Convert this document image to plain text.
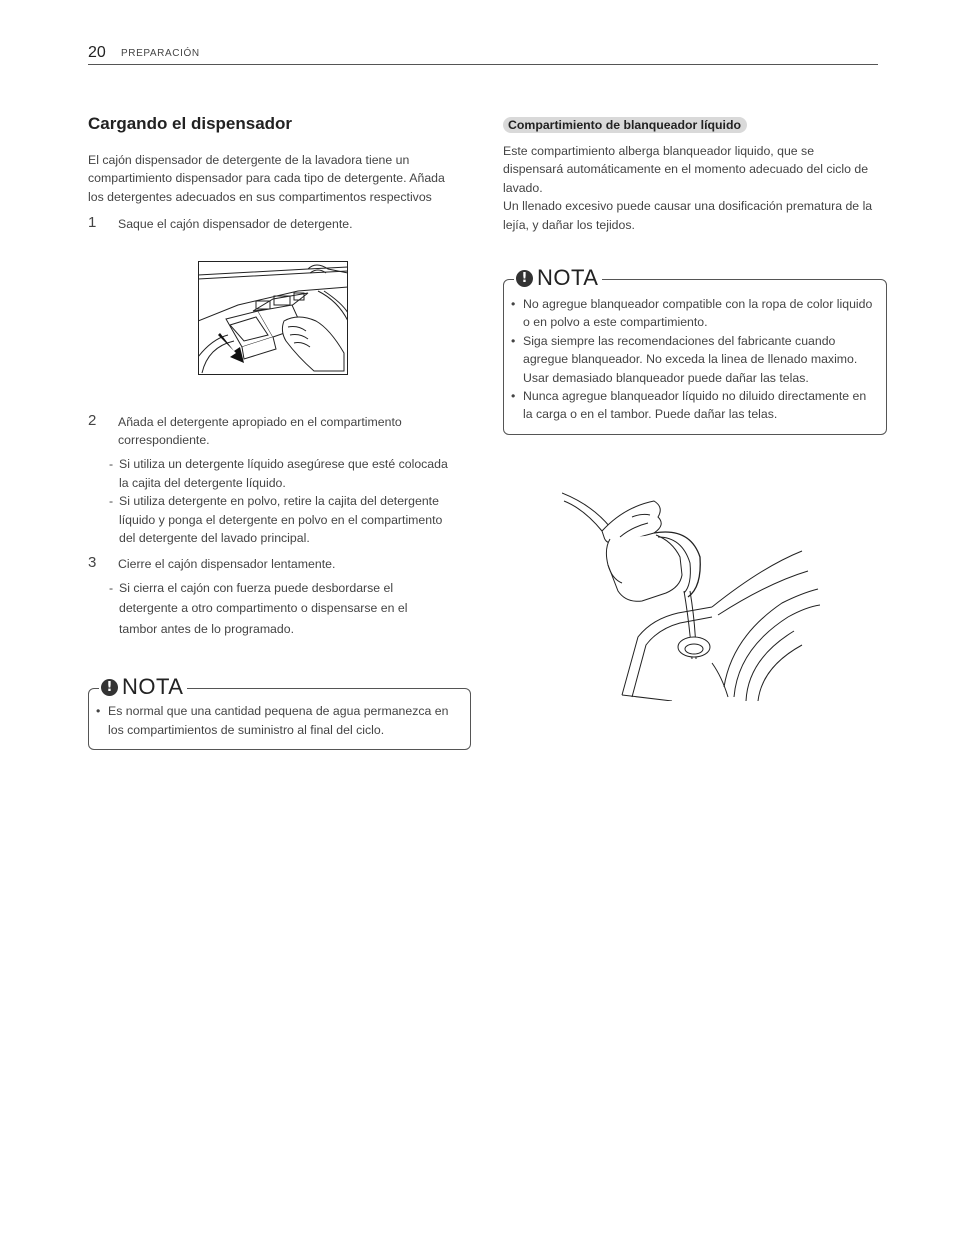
20 PREPARACIÓN
Cargando el dispensador

El cajón dispensador de detergente de la lavadora tiene un compartimiento dispensador para cada tipo de detergente. Añada los detergentes adecuados en sus compartimentos respectivos

1 Saque el cajón dispensador de detergente.
2 Añada el detergente apropiado en el compartimento correspondiente.
- Si utiliza un detergente líquido asegúrese que esté colocada la cajita del detergente líquido.
- Si utiliza detergente en polvo, retire la cajita del detergente líquido y ponga el detergente en polvo en el compartimento del detergente del lavado principal.
3 Cierre el cajón dispensador lentamente.
- Si cierra el cajón con fuerza puede desbordarse el detergente a otro compartimento o dispensarse en el tambor antes de lo programado.
! NOTA
• Es normal que una cantidad pequena de agua permanezca en los compartimientos de suministro al final del ciclo.
Compartimiento de blanqueador líquido

Este compartimiento alberga blanqueador liquido, que se dispensará automáticamente en el momento adecuado del ciclo de lavado.

Un llenado excesivo puede causar una dosificación prematura de la lejía, y dañar los tejidos.

! NOTA
• No agregue blanqueador compatible con la ropa de color liquido o en polvo a este compartimiento.
• Siga siempre las recomendaciones del fabricante cuando agregue blanqueador. No exceda la linea de llenado maximo. Usar demasiado blanqueador puede dañar las telas.
• Nunca agregue blanqueador líquido no diluido directamente en la carga o en el tambor. Puede dañar las telas.
